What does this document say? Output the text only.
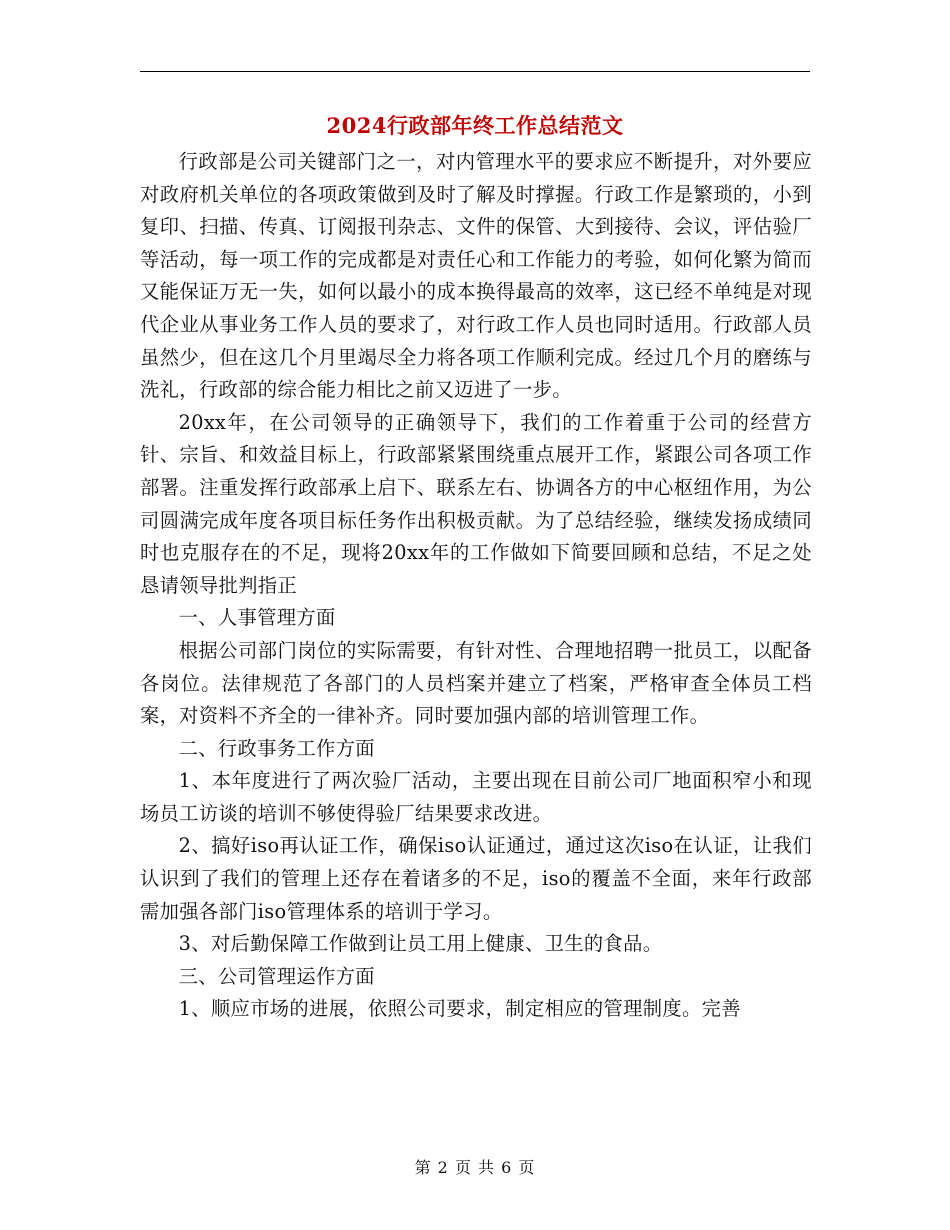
2024行政部年终工作总结范文

行政部是公司关键部门之一，对内管理水平的要求应不断提升，对外要应对政府机关单位的各项政策做到及时了解及时撑握。行政工作是繁琐的，小到复印、扫描、传真、订阅报刊杂志、文件的保管、大到接待、会议，评估验厂等活动，每一项工作的完成都是对责任心和工作能力的考验，如何化繁为简而又能保证万无一失，如何以最小的成本换得最高的效率，这已经不单纯是对现代企业从事业务工作人员的要求了，对行政工作人员也同时适用。行政部人员虽然少，但在这几个月里竭尽全力将各项工作顺利完成。经过几个月的磨练与洗礼，行政部的综合能力相比之前又迈进了一步。

20xx年，在公司领导的正确领导下，我们的工作着重于公司的经营方针、宗旨、和效益目标上，行政部紧紧围绕重点展开工作，紧跟公司各项工作部署。注重发挥行政部承上启下、联系左右、协调各方的中心枢纽作用，为公司圆满完成年度各项目标任务作出积极贡献。为了总结经验，继续发扬成绩同时也克服存在的不足，现将20xx年的工作做如下简要回顾和总结，不足之处恳请领导批判指正

一、人事管理方面

根据公司部门岗位的实际需要，有针对性、合理地招聘一批员工，以配备各岗位。法律规范了各部门的人员档案并建立了档案，严格审查全体员工档案，对资料不齐全的一律补齐。同时要加强内部的培训管理工作。

二、行政事务工作方面

1、本年度进行了两次验厂活动，主要出现在目前公司厂地面积窄小和现场员工访谈的培训不够使得验厂结果要求改进。

2、搞好iso再认证工作，确保iso认证通过，通过这次iso在认证，让我们认识到了我们的管理上还存在着诸多的不足，iso的覆盖不全面，来年行政部需加强各部门iso管理体系的培训于学习。

3、对后勤保障工作做到让员工用上健康、卫生的食品。

三、公司管理运作方面

1、顺应市场的进展，依照公司要求，制定相应的管理制度。完善

第 2 页 共 6 页
